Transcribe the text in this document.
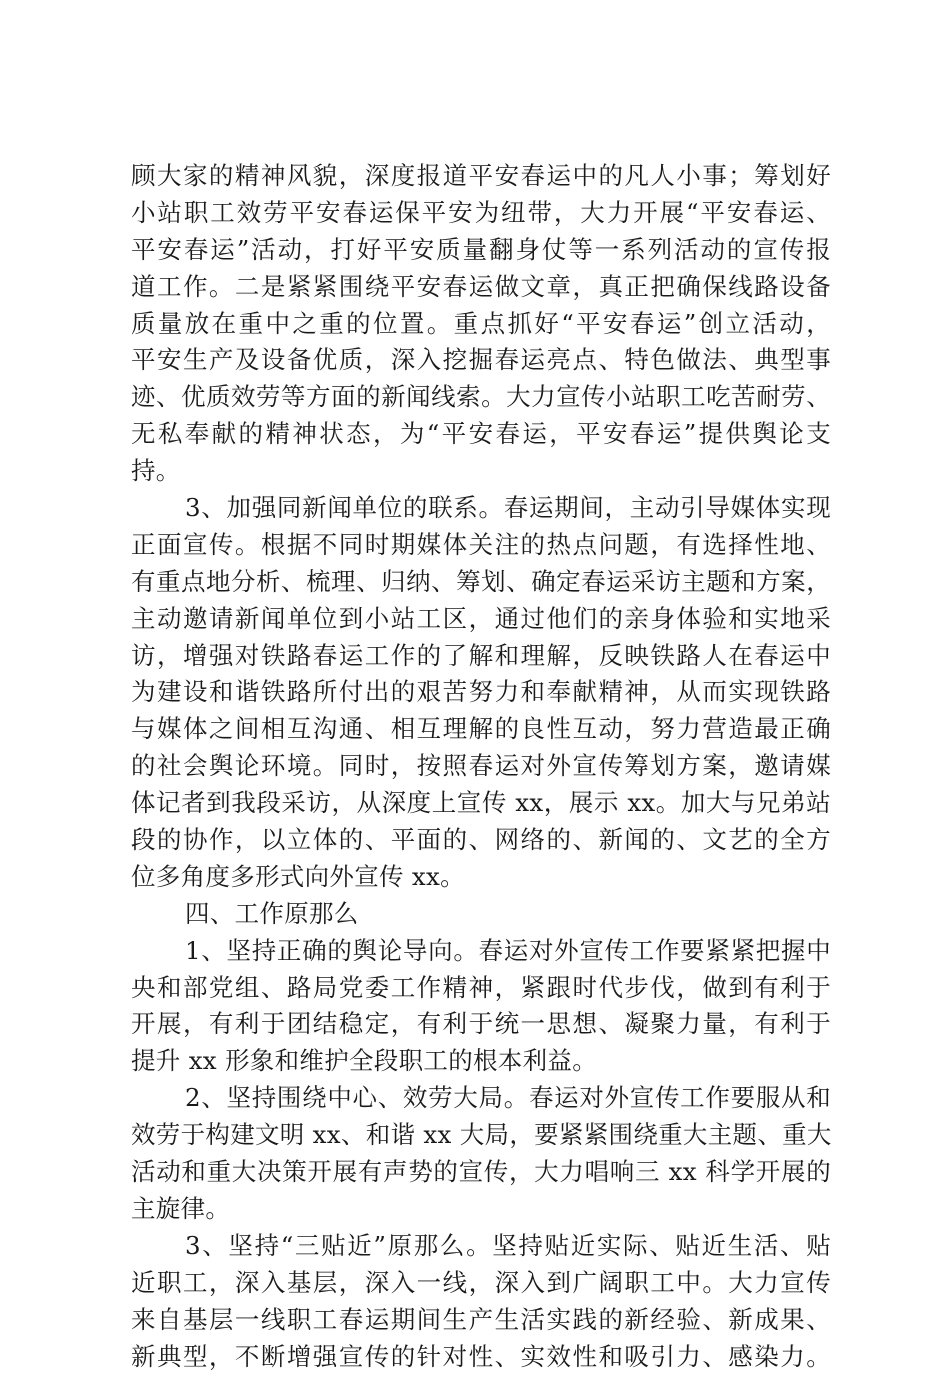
顾大家的精神风貌，深度报道平安春运中的凡人小事；筹划好
小站职工效劳平安春运保平安为纽带，大力开展“平安春运、
平安春运”活动，打好平安质量翻身仗等一系列活动的宣传报
道工作。二是紧紧围绕平安春运做文章，真正把确保线路设备
质量放在重中之重的位置。重点抓好“平安春运”创立活动，
平安生产及设备优质，深入挖掘春运亮点、特色做法、典型事
迹、优质效劳等方面的新闻线索。大力宣传小站职工吃苦耐劳、
无私奉献的精神状态，为“平安春运，平安春运”提供舆论支
持。
3、加强同新闻单位的联系。春运期间，主动引导媒体实现
正面宣传。根据不同时期媒体关注的热点问题，有选择性地、
有重点地分析、梳理、归纳、筹划、确定春运采访主题和方案，
主动邀请新闻单位到小站工区，通过他们的亲身体验和实地采
访，增强对铁路春运工作的了解和理解，反映铁路人在春运中
为建设和谐铁路所付出的艰苦努力和奉献精神，从而实现铁路
与媒体之间相互沟通、相互理解的良性互动，努力营造最正确
的社会舆论环境。同时，按照春运对外宣传筹划方案，邀请媒
体记者到我段采访，从深度上宣传 xx，展示 xx。加大与兄弟站
段的协作，以立体的、平面的、网络的、新闻的、文艺的全方
位多角度多形式向外宣传 xx。
四、工作原那么
1、坚持正确的舆论导向。春运对外宣传工作要紧紧把握中
央和部党组、路局党委工作精神，紧跟时代步伐，做到有利于
开展，有利于团结稳定，有利于统一思想、凝聚力量，有利于
提升 xx 形象和维护全段职工的根本利益。
2、坚持围绕中心、效劳大局。春运对外宣传工作要服从和
效劳于构建文明 xx、和谐 xx 大局，要紧紧围绕重大主题、重大
活动和重大决策开展有声势的宣传，大力唱响三 xx 科学开展的
主旋律。
3、坚持“三贴近”原那么。坚持贴近实际、贴近生活、贴
近职工，深入基层，深入一线，深入到广阔职工中。大力宣传
来自基层一线职工春运期间生产生活实践的新经验、新成果、
新典型，不断增强宣传的针对性、实效性和吸引力、感染力。
